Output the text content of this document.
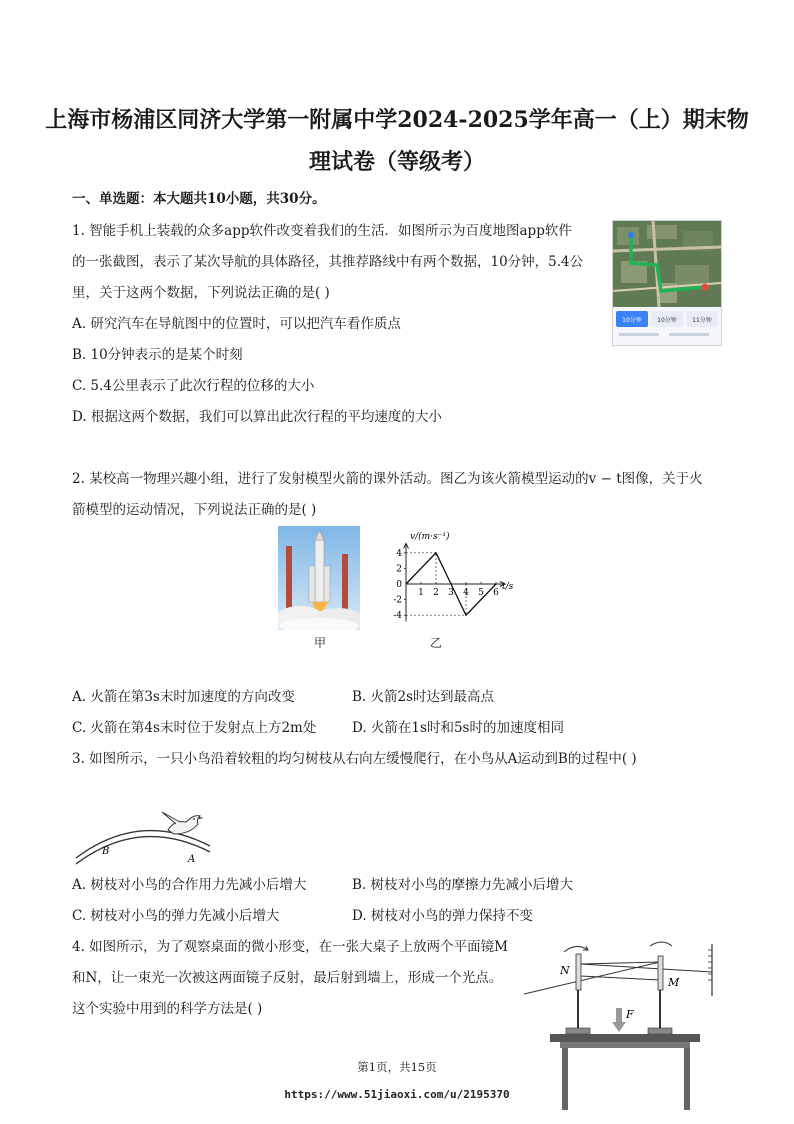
上海市杨浦区同济大学第一附属中学2024-2025学年高一（上）期末物
理试卷（等级考）
一、单选题：本大题共10小题，共30分。
1. 智能手机上装载的众多app软件改变着我们的生活．如图所示为百度地图app软件
的一张截图，表示了某次导航的具体路径，其推荐路线中有两个数据，10分钟，5.4公
里，关于这两个数据，下列说法正确的是( )
A. 研究汽车在导航图中的位置时，可以把汽车看作质点
B. 10分钟表示的是某个时刻
C. 5.4公里表示了此次行程的位移的大小
D. 根据这两个数据，我们可以算出此次行程的平均速度的大小
10分钟	10分钟	11分钟
2. 某校高一物理兴趣小组，进行了发射模型火箭的课外活动。图乙为该火箭模型运动的v − t图像，关于火
箭模型的运动情况，下列说法正确的是( )
甲
4
2
0
-2
-4
1 2 3 4 5 6
v/(m·s⁻¹)
t/s
乙
A. 火箭在第3s末时加速度的方向改变	B. 火箭2s时达到最高点
C. 火箭在第4s末时位于发射点上方2m处	D. 火箭在1s时和5s时的加速度相同
3. 如图所示，一只小鸟沿着较粗的均匀树枝从右向左缓慢爬行，在小鸟从A运动到B的过程中( )
B
A
A. 树枝对小鸟的合作用力先减小后增大	B. 树枝对小鸟的摩擦力先减小后增大
C. 树枝对小鸟的弹力先减小后增大	D. 树枝对小鸟的弹力保持不变
4. 如图所示，为了观察桌面的微小形变，在一张大桌子上放两个平面镜M
和N，让一束光一次被这两面镜子反射，最后射到墙上，形成一个光点。
这个实验中用到的科学方法是( )
N
M
F
第1页，共15页
https://www.51jiaoxi.com/u/2195370
